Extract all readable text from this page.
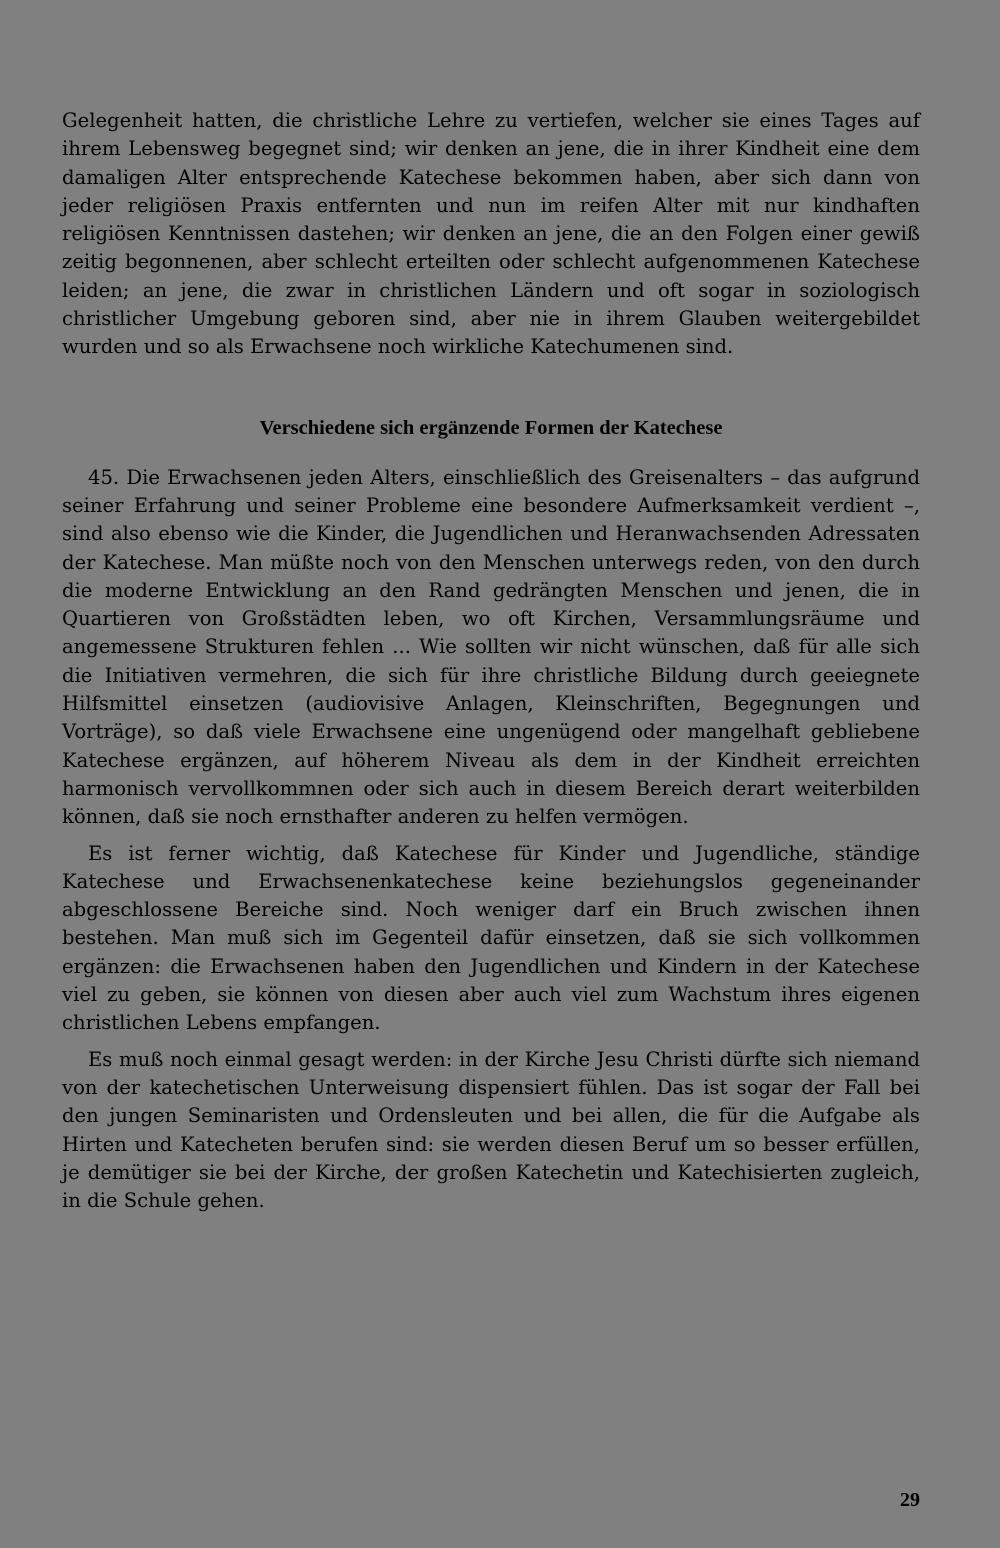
Gelegenheit hatten, die christliche Lehre zu vertiefen, welcher sie eines Tages auf ihrem Lebensweg begegnet sind; wir denken an jene, die in ihrer Kindheit eine dem damaligen Alter entsprechende Katechese bekommen haben, aber sich dann von jeder religiösen Praxis entfernten und nun im reifen Alter mit nur kindhaften religiösen Kenntnissen dastehen; wir denken an jene, die an den Folgen einer gewiß zeitig begonnenen, aber schlecht erteilten oder schlecht aufgenommenen Katechese leiden; an jene, die zwar in christlichen Ländern und oft sogar in soziologisch christlicher Umgebung geboren sind, aber nie in ihrem Glauben weitergebildet wurden und so als Erwachsene noch wirkliche Katechumenen sind.

Verschiedene sich ergänzende Formen der Katechese

45. Die Erwachsenen jeden Alters, einschließlich des Greisenalters – das aufgrund seiner Erfahrung und seiner Probleme eine besondere Aufmerksamkeit verdient –, sind also ebenso wie die Kinder, die Jugendlichen und Heranwachsenden Adressaten der Katechese. Man müßte noch von den Menschen unterwegs reden, von den durch die moderne Entwicklung an den Rand gedrängten Menschen und jenen, die in Quartieren von Großstädten leben, wo oft Kirchen, Versammlungsräume und angemessene Strukturen fehlen ... Wie sollten wir nicht wünschen, daß für alle sich die Initiativen vermehren, die sich für ihre christliche Bildung durch geeiegnete Hilfsmittel einsetzen (audiovisive Anlagen, Kleinschriften, Begegnungen und Vorträge), so daß viele Erwachsene eine ungenügend oder mangelhaft gebliebene Katechese ergänzen, auf höherem Niveau als dem in der Kindheit erreichten harmonisch vervollkommnen oder sich auch in diesem Bereich derart weiterbilden können, daß sie noch ernsthafter anderen zu helfen vermögen.

Es ist ferner wichtig, daß Katechese für Kinder und Jugendliche, ständige Katechese und Erwachsenenkatechese keine beziehungslos gegeneinander abgeschlossene Bereiche sind. Noch weniger darf ein Bruch zwischen ihnen bestehen. Man muß sich im Gegenteil dafür einsetzen, daß sie sich vollkommen ergänzen: die Erwachsenen haben den Jugendlichen und Kindern in der Katechese viel zu geben, sie können von diesen aber auch viel zum Wachstum ihres eigenen christlichen Lebens empfangen.

Es muß noch einmal gesagt werden: in der Kirche Jesu Christi dürfte sich niemand von der katechetischen Unterweisung dispensiert fühlen. Das ist sogar der Fall bei den jungen Seminaristen und Ordensleuten und bei allen, die für die Aufgabe als Hirten und Katecheten berufen sind: sie werden diesen Beruf um so besser erfüllen, je demütiger sie bei der Kirche, der großen Katechetin und Katechisierten zugleich, in die Schule gehen.

29
